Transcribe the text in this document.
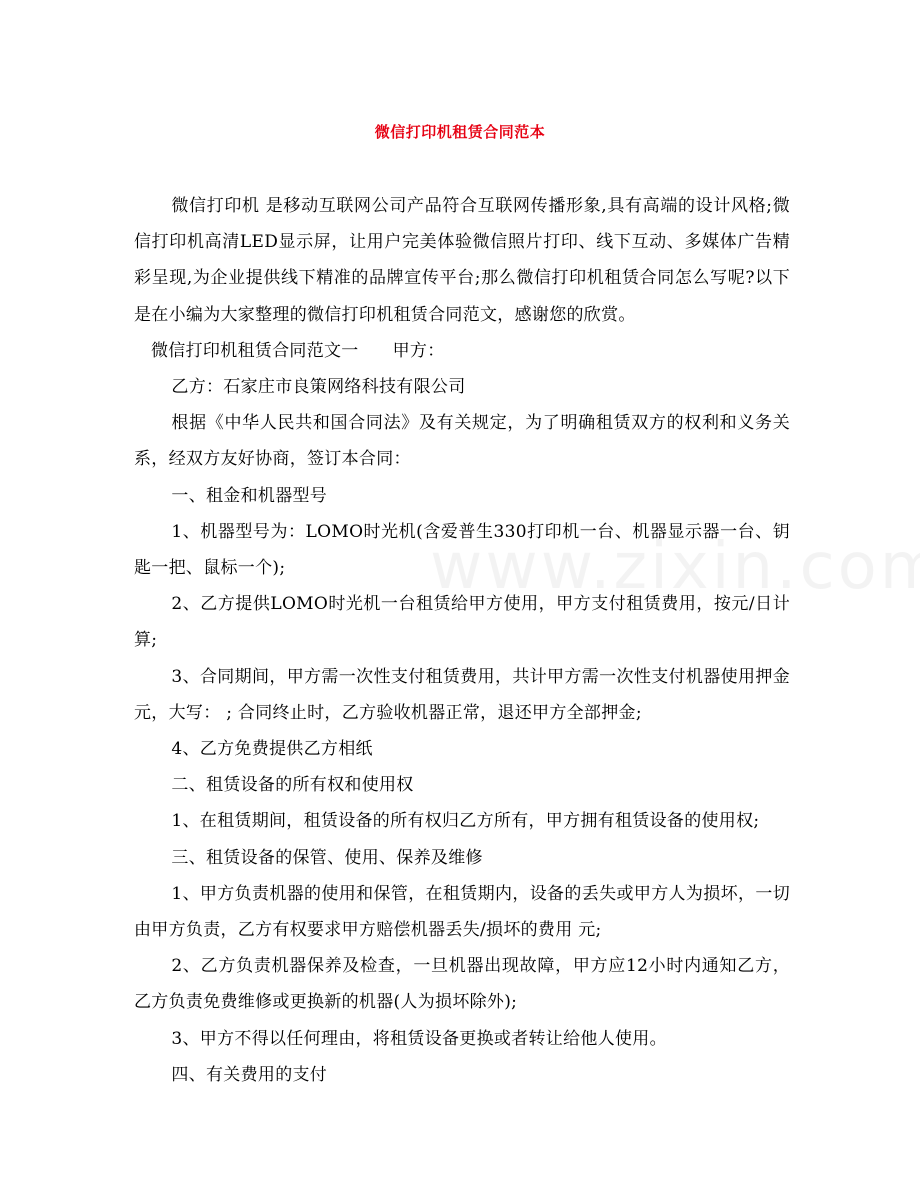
微信打印机租赁合同范本

微信打印机 是移动互联网公司产品符合互联网传播形象,具有高端的设计风格;微信打印机高清LED显示屏，让用户完美体验微信照片打印、线下互动、多媒体广告精彩呈现,为企业提供线下精准的品牌宣传平台;那么微信打印机租赁合同怎么写呢?以下是在小编为大家整理的微信打印机租赁合同范文，感谢您的欣赏。

微信打印机租赁合同范文一 甲方：

乙方：石家庄市良策网络科技有限公司

根据《中华人民共和国合同法》及有关规定，为了明确租赁双方的权利和义务关系，经双方友好协商，签订本合同：

一、租金和机器型号

1、机器型号为：LOMO时光机(含爱普生330打印机一台、机器显示器一台、钥匙一把、鼠标一个);

2、乙方提供LOMO时光机一台租赁给甲方使用，甲方支付租赁费用，按元/日计算;

3、合同期间，甲方需一次性支付租赁费用，共计甲方需一次性支付机器使用押金 元，大写： ; 合同终止时，乙方验收机器正常，退还甲方全部押金;

4、乙方免费提供乙方相纸

二、租赁设备的所有权和使用权

1、在租赁期间，租赁设备的所有权归乙方所有，甲方拥有租赁设备的使用权;

三、租赁设备的保管、使用、保养及维修

1、甲方负责机器的使用和保管，在租赁期内，设备的丢失或甲方人为损坏，一切由甲方负责，乙方有权要求甲方赔偿机器丢失/损坏的费用 元;

2、乙方负责机器保养及检查，一旦机器出现故障，甲方应12小时内通知乙方，乙方负责免费维修或更换新的机器(人为损坏除外);

3、甲方不得以任何理由，将租赁设备更换或者转让给他人使用。

四、有关费用的支付
